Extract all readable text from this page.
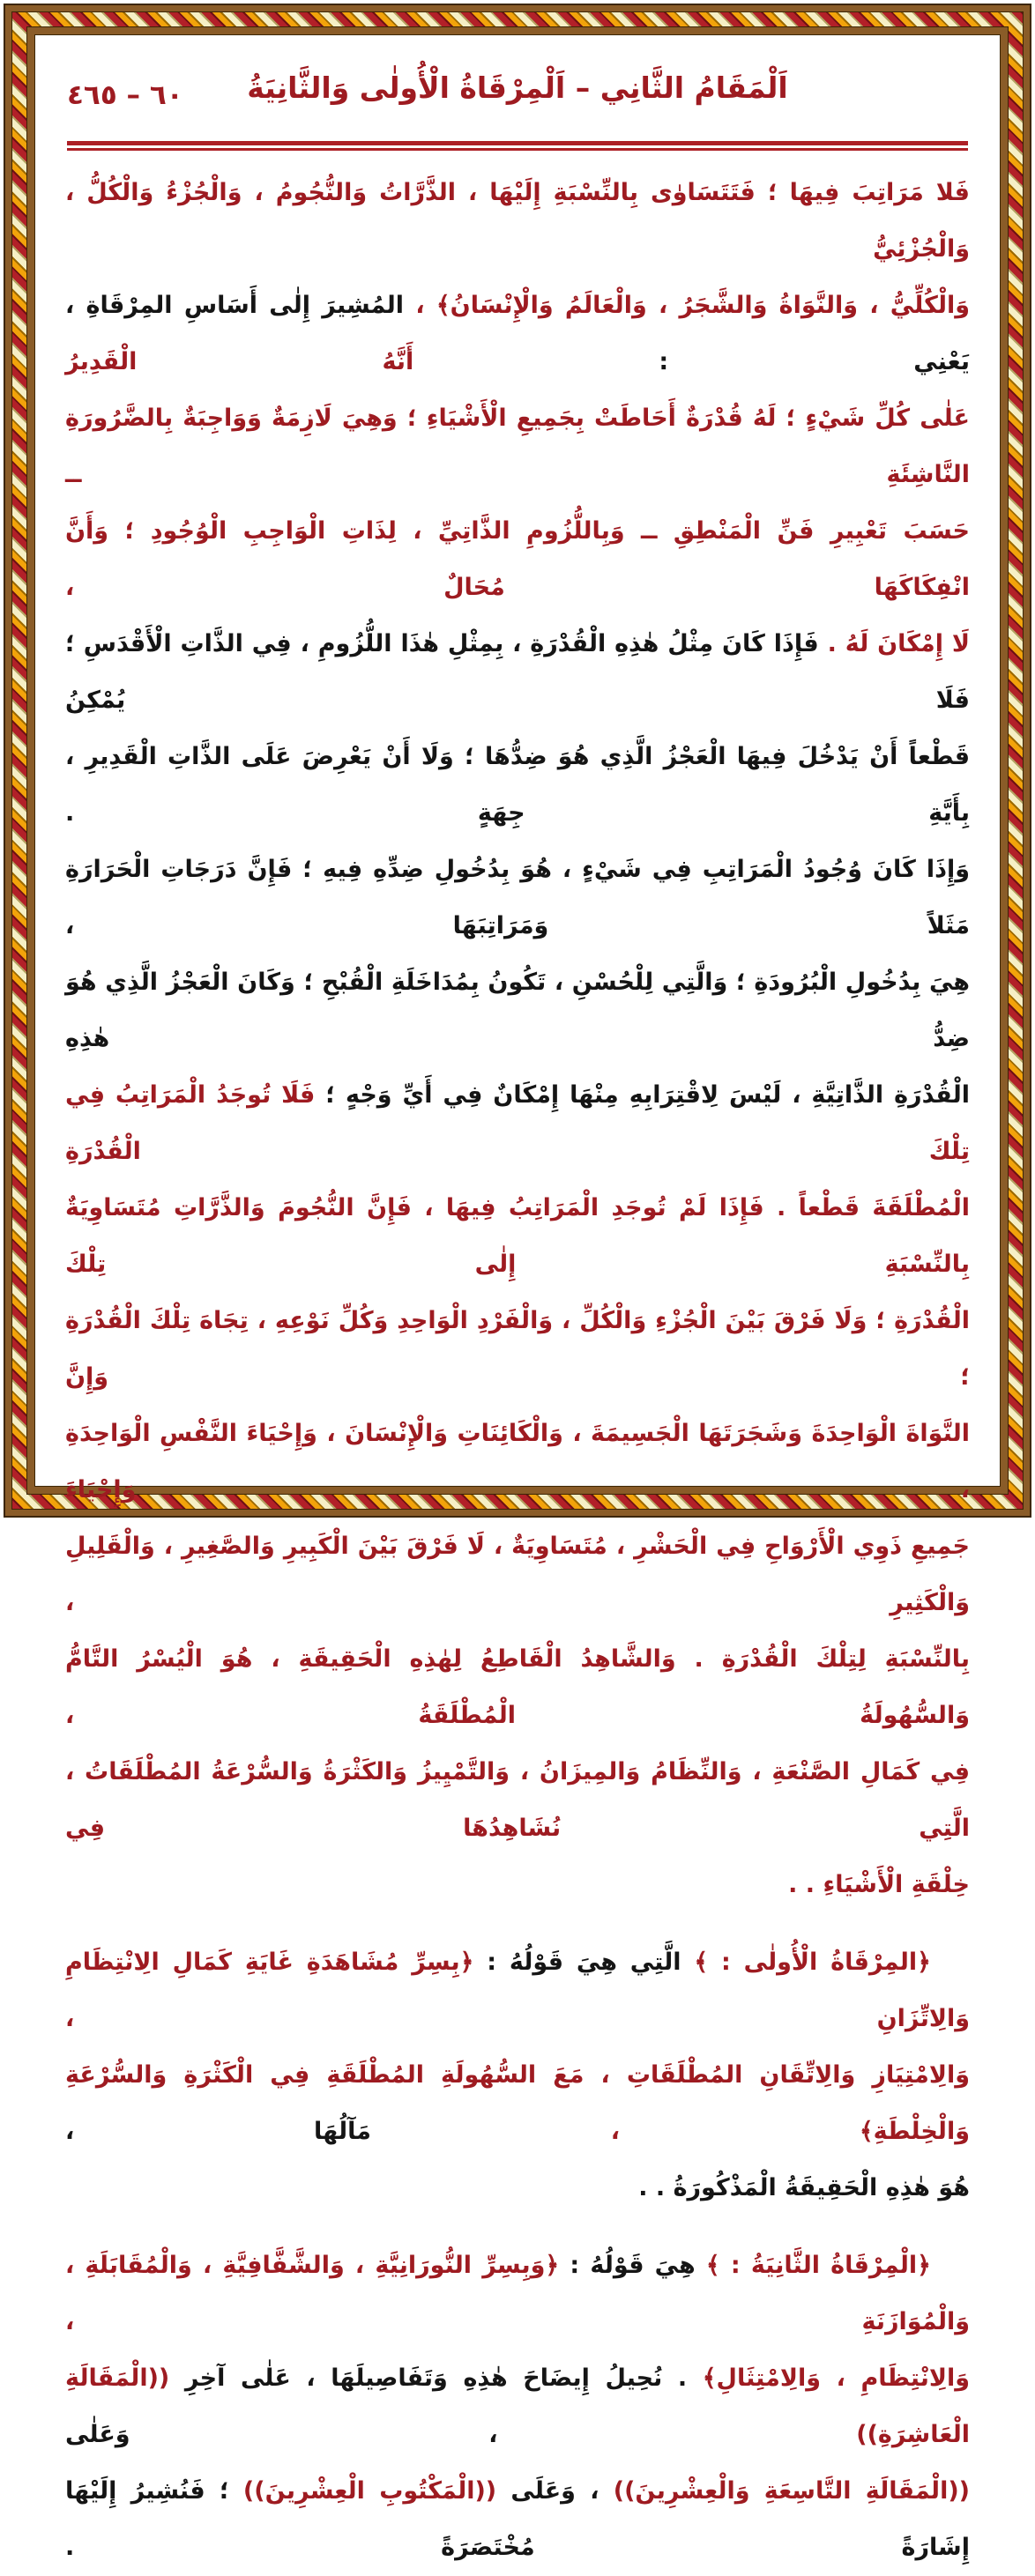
٦٠ – ٤٦٥	اَلْمَقَامُ الثَّانِي – اَلْمِرْقَاةُ الْأُولٰى وَالثَّانِيَةُ
فَلا مَرَاتِبَ فِيهَا ؛ فَتَتَسَاوٰى بِالنِّسْبَةِ إِلَيْهَا ، الذَّرَّاتُ وَالنُّجُومُ ، وَالْجُزْءُ وَالْكُلُّ ، وَالْجُزْئِيُّ
وَالْكُلِّيُّ ، وَالنَّوَاةُ وَالشَّجَرُ ، وَالْعَالَمُ وَالْإِنْسَانُ﴾ ، المُشِيرَ إِلٰى أَسَاسِ المِرْقَاةِ ، يَعْنِي : أَنَّهُ الْقَدِيرُ
عَلٰى كُلِّ شَيْءٍ ؛ لَهُ قُدْرَةٌ أَحَاطَتْ بِجَمِيعِ الْأَشْيَاءِ ؛ وَهِيَ لَازِمَةٌ وَوَاجِبَةٌ بِالضَّرُورَةِ النَّاشِئَةِ ــ
حَسَبَ تَعْبِيرِ فَنِّ الْمَنْطِقِ ــ وَبِاللُّزُومِ الذَّاتِيِّ ، لِذَاتِ الْوَاجِبِ الْوُجُودِ ؛ وَأَنَّ انْفِكَاكَهَا مُحَالٌ ،
لَا إِمْكَانَ لَهُ . فَإِذَا كَانَ مِثْلُ هٰذِهِ الْقُدْرَةِ ، بِمِثْلِ هٰذَا اللُّزُومِ ، فِي الذَّاتِ الْأَقْدَسِ ؛ فَلَا يُمْكِنُ
قَطْعاً أَنْ يَدْخُلَ فِيهَا الْعَجْزُ الَّذِي هُوَ ضِدُّهَا ؛ وَلَا أَنْ يَعْرِضَ عَلَى الذَّاتِ الْقَدِيرِ ، بِأَيَّةِ جِهَةٍ .
وَإِذَا كَانَ وُجُودُ الْمَرَاتِبِ فِي شَيْءٍ ، هُوَ بِدُخُولِ ضِدِّهِ فِيهِ ؛ فَإِنَّ دَرَجَاتِ الْحَرَارَةِ مَثَلاً وَمَرَاتِبَهَا ،
هِيَ بِدُخُولِ الْبُرُودَةِ ؛ وَالَّتِي لِلْحُسْنِ ، تَكُونُ بِمُدَاخَلَةِ الْقُبْحِ ؛ وَكَانَ الْعَجْزُ الَّذِي هُوَ ضِدُّ هٰذِهِ
الْقُدْرَةِ الذَّاتِيَّةِ ، لَيْسَ لِاقْتِرَابِهِ مِنْهَا إِمْكَانٌ فِي أَيِّ وَجْهٍ ؛ فَلَا تُوجَدُ الْمَرَاتِبُ فِي تِلْكَ الْقُدْرَةِ
الْمُطْلَقَةَ قَطْعاً . فَإِذَا لَمْ تُوجَدِ الْمَرَاتِبُ فِيهَا ، فَإِنَّ النُّجُومَ وَالذَّرَّاتِ مُتَسَاوِيَةٌ بِالنِّسْبَةِ إِلٰى تِلْكَ
الْقُدْرَةِ ؛ وَلَا فَرْقَ بَيْنَ الْجُزْءِ وَالْكُلِّ ، وَالْفَرْدِ الْوَاحِدِ وَكُلِّ نَوْعِهِ ، تِجَاهَ تِلْكَ الْقُدْرَةِ ؛ وَإِنَّ
النَّوَاةَ الْوَاحِدَةَ وَشَجَرَتَهَا الْجَسِيمَةَ ، وَالْكَائِنَاتِ وَالْإِنْسَانَ ، وَإِحْيَاءَ النَّفْسِ الْوَاحِدَةِ ، وَإِحْيَاءَ
جَمِيعِ ذَوِي الْأَرْوَاحِ فِي الْحَشْرِ ، مُتَسَاوِيَةٌ ، لَا فَرْقَ بَيْنَ الْكَبِيرِ وَالصَّغِيرِ ، وَالْقَلِيلِ وَالْكَثِيرِ ،
بِالنِّسْبَةِ لِتِلْكَ الْقُدْرَةِ . وَالشَّاهِدُ الْقَاطِعُ لِهٰذِهِ الْحَقِيقَةِ ، هُوَ الْيُسْرُ التَّامُّ وَالسُّهُولَةُ الْمُطْلَقَةُ ،
فِي كَمَالِ الصَّنْعَةِ ، وَالنِّظَامُ وَالمِيزَانُ ، وَالتَّمْيِيزُ وَالكَثْرَةُ وَالسُّرْعَةُ المُطْلَقَاتُ ، الَّتِي نُشَاهِدُهَا فِي
خِلْقَةِ الْأَشْيَاءِ . .
﴿المِرْقَاةُ الْأُولٰى : ﴾ الَّتِي هِيَ قَوْلُهُ : ﴿بِسِرِّ مُشَاهَدَةِ غَايَةِ كَمَالِ الِانْتِظَامِ وَالِاتِّزَانِ ،
وَالِامْتِيَازِ وَالِاتِّقَانِ المُطْلَقَاتِ ، مَعَ السُّهُولَةِ المُطْلَقَةِ فِي الْكَثْرَةِ وَالسُّرْعَةِ وَالْخِلْطَةِ﴾ ، مَآلُهَا ،
هُوَ هٰذِهِ الْحَقِيقَةُ الْمَذْكُورَةُ . .
﴿الْمِرْقَاةُ الثَّانِيَةُ : ﴾ هِيَ قَوْلُهُ : ﴿وَبِسِرِّ النُّورَانِيَّةِ ، وَالشَّفَّافِيَّةِ ، وَالْمُقَابَلَةِ ، وَالْمُوَازَنَةِ ،
وَالِانْتِظَامِ ، وَالِامْتِثَالِ﴾ . نُحِيلُ إِيضَاحَ هٰذِهِ وَتَفَاصِيلَهَا ، عَلٰى آخِرِ ((الْمَقَالَةِ الْعَاشِرَةِ)) ، وَعَلٰى
((الْمَقَالَةِ التَّاسِعَةِ وَالْعِشْرِينَ)) ، وَعَلَى ((الْمَكْتُوبِ الْعِشْرِينَ)) ؛ فَنُشِيرُ إِلَيْهَا إِشَارَةً مُخْتَصَرَةً .
